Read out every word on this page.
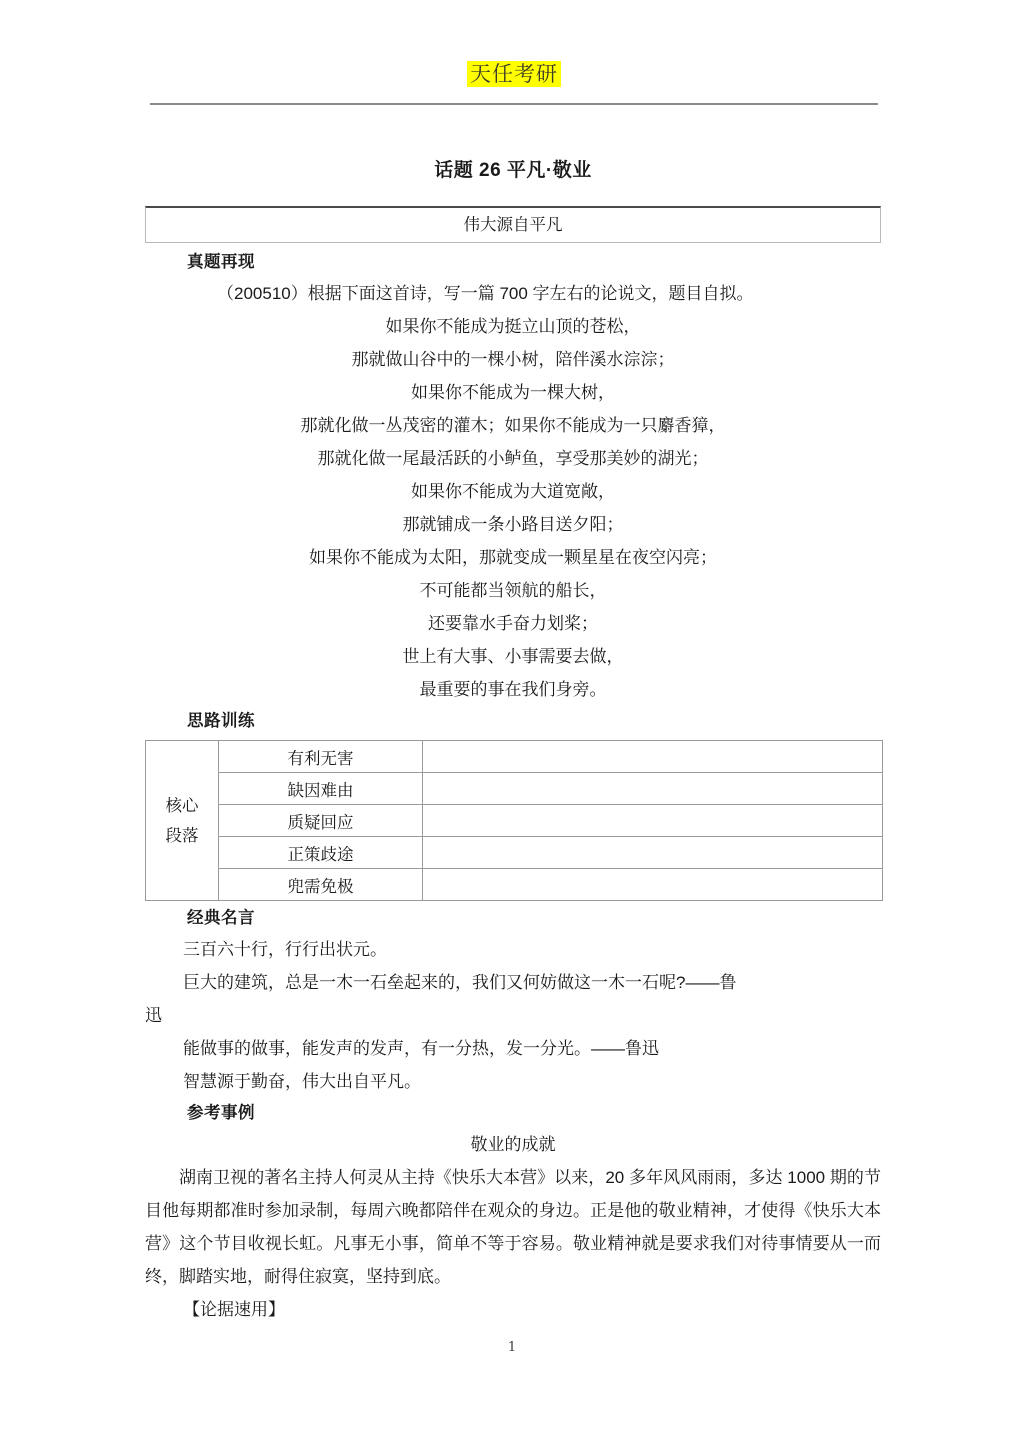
天任考研
话题 26 平凡·敬业
伟大源自平凡
真题再现

（200510）根据下面这首诗，写一篇 700 字左右的论说文，题目自拟。

如果你不能成为挺立山顶的苍松，

那就做山谷中的一棵小树，陪伴溪水淙淙；

如果你不能成为一棵大树，

那就化做一丛茂密的灌木；如果你不能成为一只麝香獐，

那就化做一尾最活跃的小鲈鱼，享受那美妙的湖光；

如果你不能成为大道宽敞，

那就铺成一条小路目送夕阳；

如果你不能成为太阳，那就变成一颗星星在夜空闪亮；

不可能都当领航的船长，

还要靠水手奋力划桨；

世上有大事、小事需要去做，

最重要的事在我们身旁。

思路训练
核心
段落	有利无害	
	缺因难由	
	质疑回应	
	正策歧途	
	兜需免极	
经典名言

三百六十行，行行出状元。

巨大的建筑，总是一木一石垒起来的，我们又何妨做这一木一石呢?——鲁

迅

能做事的做事，能发声的发声，有一分热，发一分光。——鲁迅

智慧源于勤奋，伟大出自平凡。

参考事例

敬业的成就

湖南卫视的著名主持人何灵从主持《快乐大本营》以来，20 多年风风雨雨，多达 1000 期的节目他每期都准时参加录制，每周六晚都陪伴在观众的身边。正是他的敬业精神，才使得《快乐大本营》这个节目收视长虹。凡事无小事，简单不等于容易。敬业精神就是要求我们对待事情要从一而终，脚踏实地，耐得住寂寞，坚持到底。

【论据速用】

1
